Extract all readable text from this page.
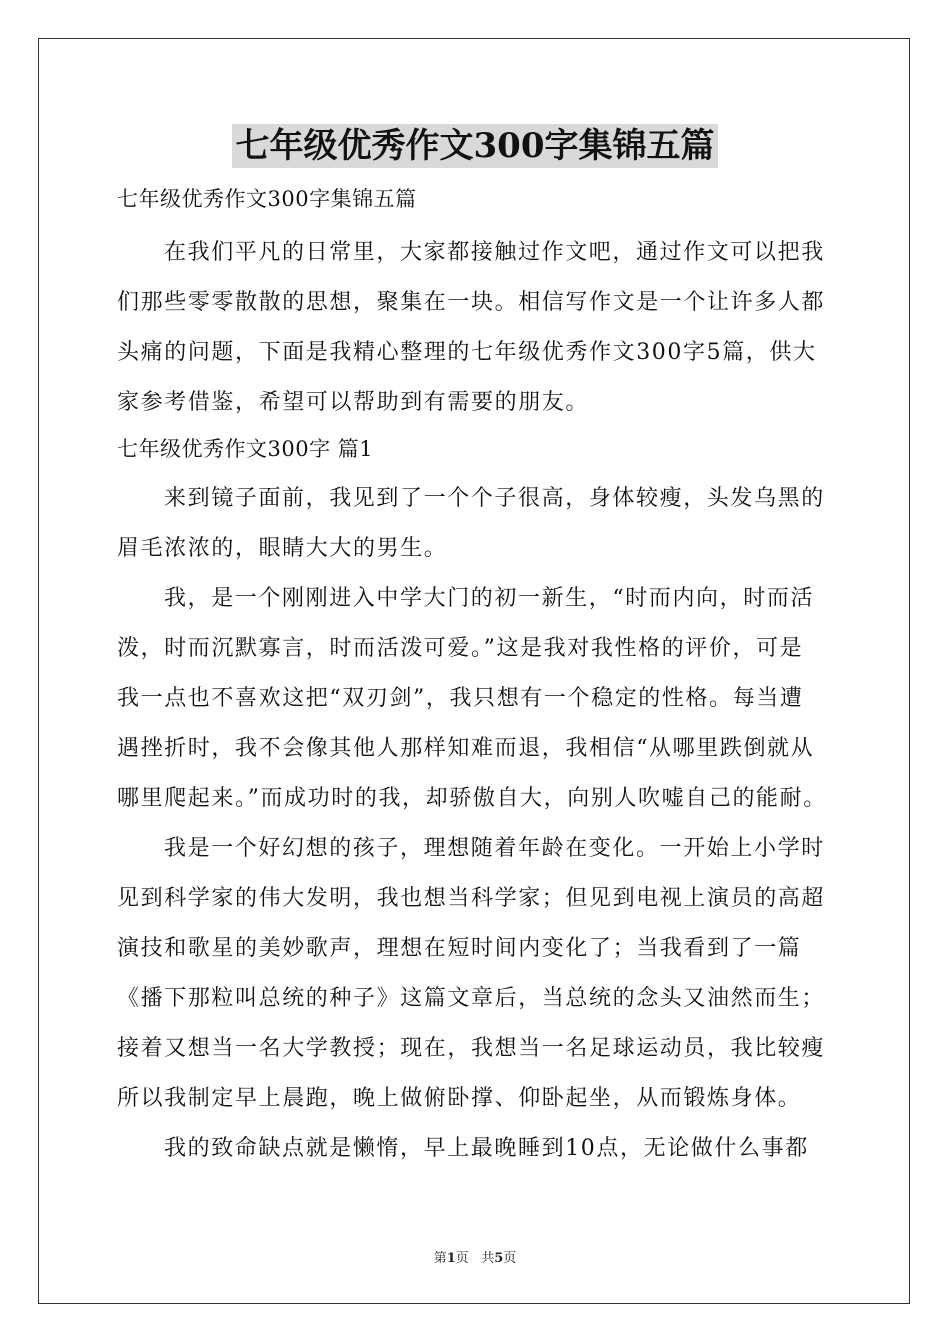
七年级优秀作文300字集锦五篇
七年级优秀作文300字集锦五篇
在我们平凡的日常里，大家都接触过作文吧，通过作文可以把我
们那些零零散散的思想，聚集在一块。相信写作文是一个让许多人都
头痛的问题，下面是我精心整理的七年级优秀作文300字5篇，供大
家参考借鉴，希望可以帮助到有需要的朋友。
七年级优秀作文300字 篇1
来到镜子面前，我见到了一个个子很高，身体较瘦，头发乌黑的
眉毛浓浓的，眼睛大大的男生。
我，是一个刚刚进入中学大门的初一新生，“时而内向，时而活
泼，时而沉默寡言，时而活泼可爱。”这是我对我性格的评价，可是
我一点也不喜欢这把“双刃剑”，我只想有一个稳定的性格。每当遭
遇挫折时，我不会像其他人那样知难而退，我相信“从哪里跌倒就从
哪里爬起来。”而成功时的我，却骄傲自大，向别人吹嘘自己的能耐。
我是一个好幻想的孩子，理想随着年龄在变化。一开始上小学时
见到科学家的伟大发明，我也想当科学家；但见到电视上演员的高超
演技和歌星的美妙歌声，理想在短时间内变化了；当我看到了一篇
《播下那粒叫总统的种子》这篇文章后，当总统的念头又油然而生；
接着又想当一名大学教授；现在，我想当一名足球运动员，我比较瘦
所以我制定早上晨跑，晚上做俯卧撑、仰卧起坐，从而锻炼身体。
我的致命缺点就是懒惰，早上最晚睡到10点，无论做什么事都
第1页   共5页
